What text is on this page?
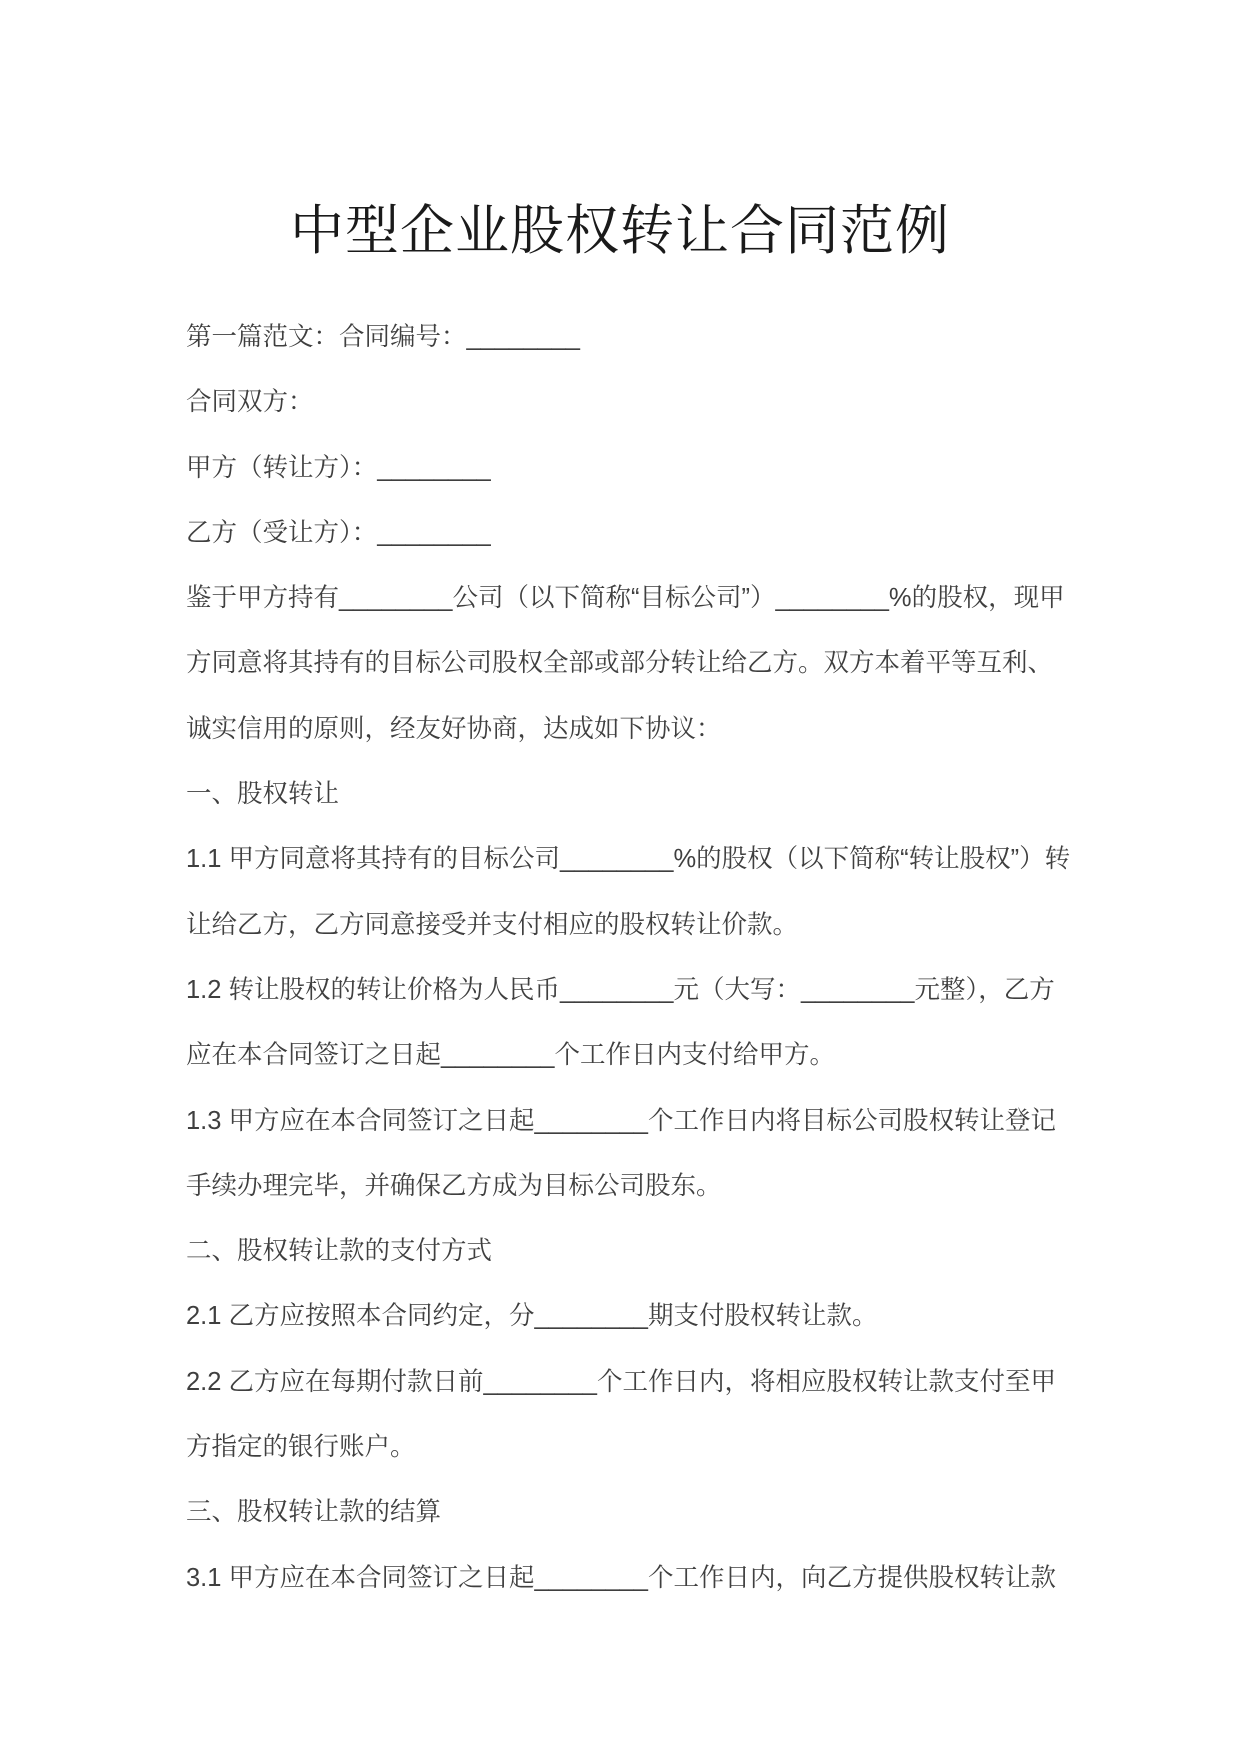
中型企业股权转让合同范例
第一篇范文：合同编号：________
合同双方：
甲方（转让方）：________
乙方（受让方）：________
鉴于甲方持有________公司（以下简称“目标公司”）________%的股权，现甲
方同意将其持有的目标公司股权全部或部分转让给乙方。双方本着平等互利、
诚实信用的原则，经友好协商，达成如下协议：
一、股权转让
1.1 甲方同意将其持有的目标公司________%的股权（以下简称“转让股权”）转
让给乙方，乙方同意接受并支付相应的股权转让价款。
1.2 转让股权的转让价格为人民币________元（大写：________元整），乙方
应在本合同签订之日起________个工作日内支付给甲方。
1.3 甲方应在本合同签订之日起________个工作日内将目标公司股权转让登记
手续办理完毕，并确保乙方成为目标公司股东。
二、股权转让款的支付方式
2.1 乙方应按照本合同约定，分________期支付股权转让款。
2.2 乙方应在每期付款日前________个工作日内，将相应股权转让款支付至甲
方指定的银行账户。
三、股权转让款的结算
3.1 甲方应在本合同签订之日起________个工作日内，向乙方提供股权转让款
